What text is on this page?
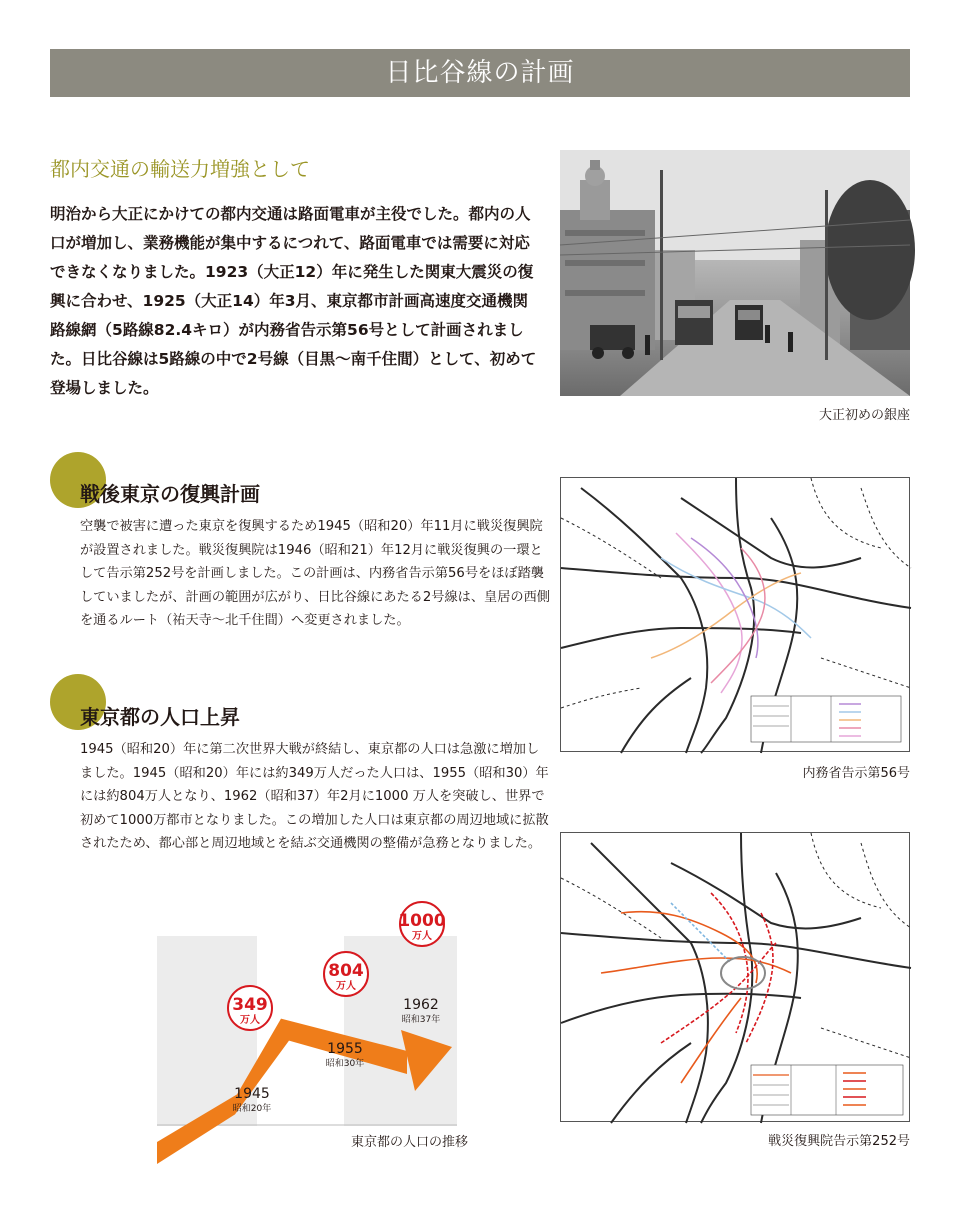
日比谷線の計画
都内交通の輸送力増強として
明治から大正にかけての都内交通は路面電車が主役でした。都内の人口が増加し、業務機能が集中するにつれて、路面電車では需要に対応できなくなりました。1923（大正12）年に発生した関東大震災の復興に合わせ、1925（大正14）年3月、東京都市計画高速度交通機関路線網（5路線82.4キロ）が内務省告示第56号として計画されました。日比谷線は5路線の中で2号線（目黒～南千住間）として、初めて登場しました。
大正初めの銀座
戦後東京の復興計画
空襲で被害に遭った東京を復興するため1945（昭和20）年11月に戦災復興院が設置されました。戦災復興院は1946（昭和21）年12月に戦災復興の一環として告示第252号を計画しました。この計画は、内務省告示第56号をほぼ踏襲していましたが、計画の範囲が広がり、日比谷線にあたる2号線は、皇居の西側を通るルート（祐天寺～北千住間）へ変更されました。
東京都の人口上昇
1945（昭和20）年に第二次世界大戦が終結し、東京都の人口は急激に増加しました。1945（昭和20）年には約349万人だった人口は、1955（昭和30）年には約804万人となり、1962（昭和37）年2月に1000 万人を突破し、世界で初めて1000万都市となりました。この増加した人口は東京都の周辺地域に拡散されたため、都心部と周辺地域とを結ぶ交通機関の整備が急務となりました。
内務省告示第56号
戦災復興院告示第252号
349
万人
804
万人
1000
万人
1945
昭和20年
1955
昭和30年
1962
昭和37年
東京都の人口の推移
